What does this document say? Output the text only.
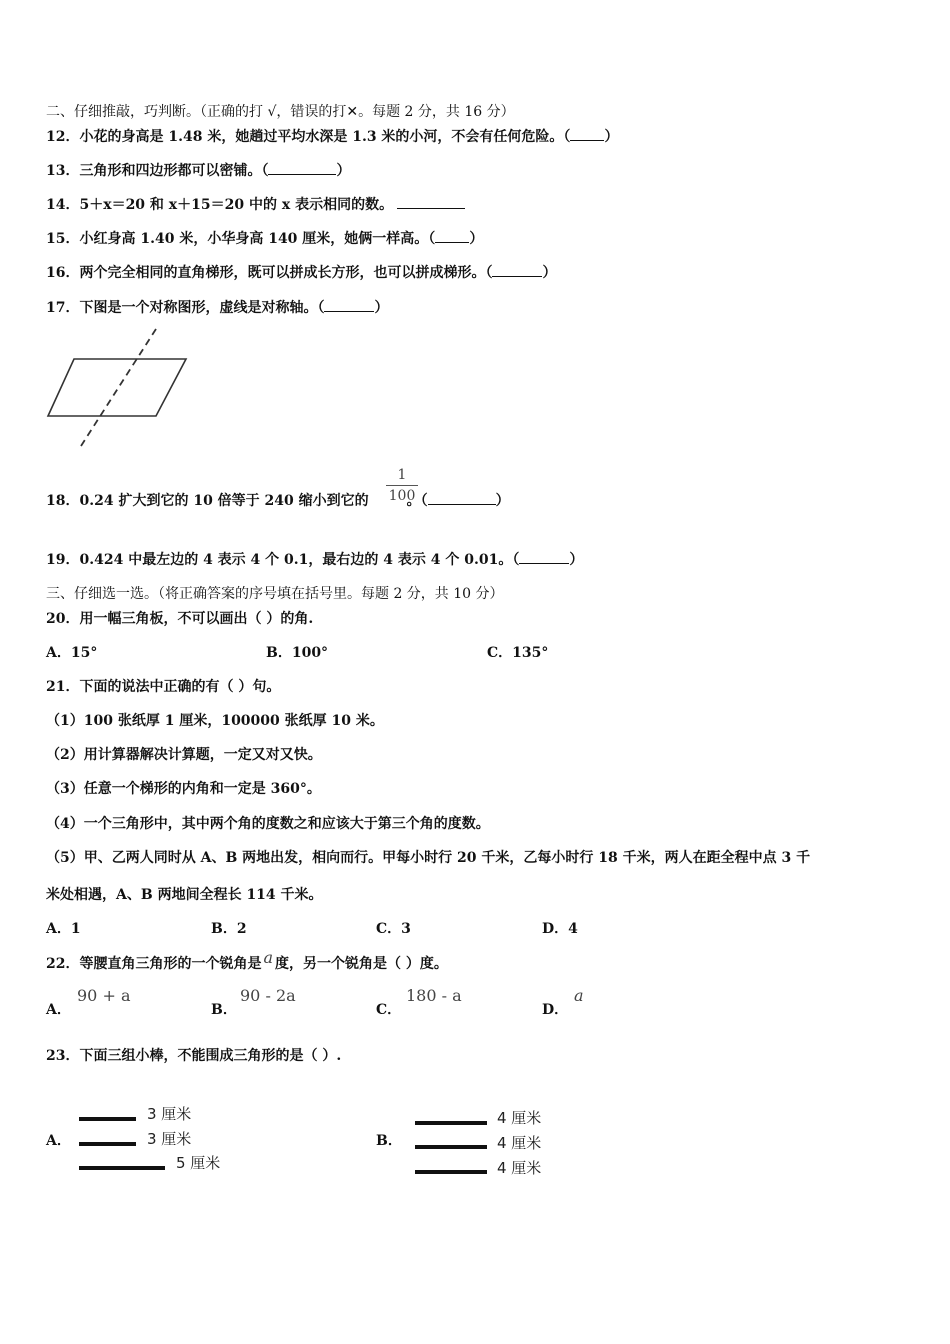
二、仔细推敲，巧判断。（正确的打 √，错误的打✕。每题 2 分，共 16 分）
12．小花的身高是 1.48 米，她趟过平均水深是 1.3 米的小河，不会有任何危险。（ ）
13．三角形和四边形都可以密铺。（	）
14．5＋x＝20 和 x＋15＝20 中的 x 表示相同的数。
15．小红身高 1.40 米，小华身高 140 厘米，她俩一样高。（ ）
16．两个完全相同的直角梯形，既可以拼成长方形，也可以拼成梯形。（	）
17．下图是一个对称图形，虚线是对称轴。（	）
18．0.24 扩大到它的 10 倍等于 240 缩小到它的	。（	）
1
100
19．0.424 中最左边的 4 表示 4 个 0.1，最右边的 4 表示 4 个 0.01。（	）
三、仔细选一选。（将正确答案的序号填在括号里。每题 2 分，共 10 分）
20．用一幅三角板，不可以画出（ ）的角.
A．15°	B．100°	C．135°
21．下面的说法中正确的有（ ）句。
（1）100 张纸厚 1 厘米，100000 张纸厚 10 米。
（2）用计算器解决计算题，一定又对又快。
（3）任意一个梯形的内角和一定是 360°。
（4）一个三角形中，其中两个角的度数之和应该大于第三个角的度数。
（5）甲、乙两人同时从 A、B 两地出发，相向而行。甲每小时行 20 千米，乙每小时行 18 千米，两人在距全程中点 3 千
米处相遇，A、B 两地间全程长 114 千米。
A．1	B．2	C．3	D．4
22．等腰直角三角形的一个锐角是 a 度，另一个锐角是（ ）度。
A．
90 + a
B．
90 - 2a
C．
180 - a
D．
a
23．下面三组小棒，不能围成三角形的是（ ）.
A．
3 厘米
3 厘米
5 厘米
B．
4 厘米
4 厘米
4 厘米
